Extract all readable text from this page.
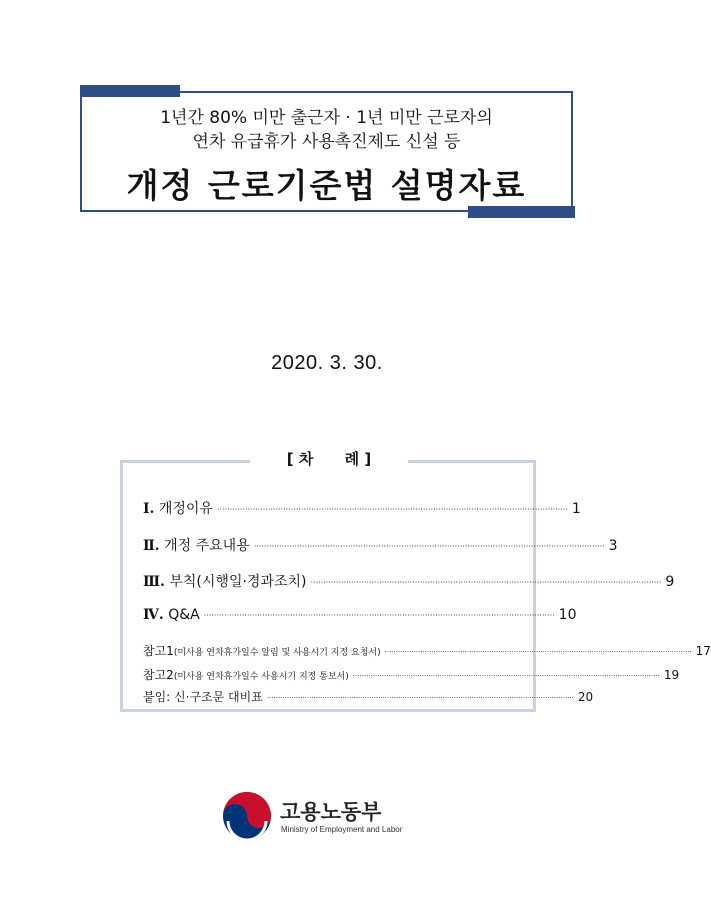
1년간 80% 미만 출근자 · 1년 미만 근로자의
연차 유급휴가 사용촉진제도 신설 등
개정 근로기준법 설명자료
2020. 3. 30.
[ 차      례 ]
Ⅰ. 개정이유 ·········································································································································· 1
Ⅱ. 개정 주요내용 ·········································································································································· 3
Ⅲ. 부칙(시행일·경과조치) ·········································································································································· 9
Ⅳ. Q&A ·········································································································································· 10
참고1(미사용 연차휴가일수 알림 및 사용시기 지정 요청서) ·········································································································································· 17
참고2(미사용 연차휴가일수 사용시기 지정 통보서) ·········································································································································· 19
붙임: 신·구조문 대비표 ·········································································································································· 20
고용노동부
Ministry of Employment and Labor
